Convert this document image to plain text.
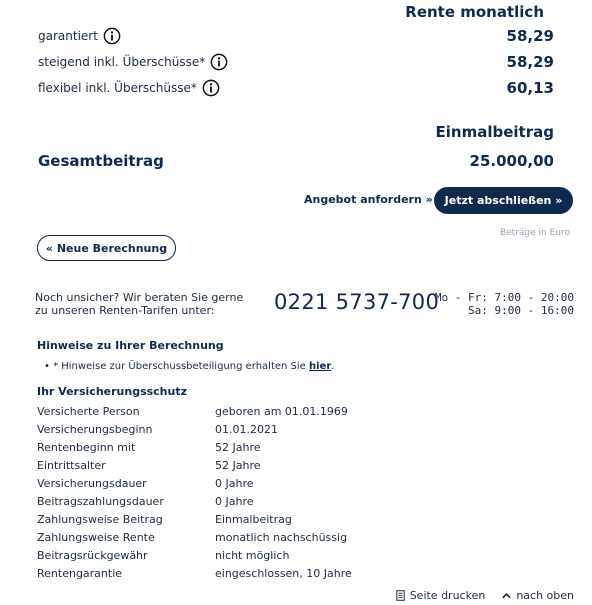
Rente monatlich
garantiert	58,29
steigend inkl. Überschüsse*	58,29
flexibel inkl. Überschüsse*	60,13
Einmalbeitrag
Gesamtbeitrag	25.000,00
Angebot anfordern »	Jetzt abschließen »
Beträge in Euro
« Neue Berechnung
Noch unsicher? Wir beraten Sie gerne
zu unseren Renten-Tarifen unter:	0221 5737-700
Mo - Fr: 7:00 - 20:00
Sa: 9:00 - 16:00
Hinweise zu Ihrer Berechnung
• * Hinweise zur Überschussbeteiligung erhalten Sie hier.
Ihr Versicherungsschutz
Versicherte Person	geboren am 01.01.1969
Versicherungsbeginn	01.01.2021
Rentenbeginn mit	52 Jahre
Eintrittsalter	52 Jahre
Versicherungsdauer	0 Jahre
Beitragszahlungsdauer	0 Jahre
Zahlungsweise Beitrag	Einmalbeitrag
Zahlungsweise Rente	monatlich nachschüssig
Beitragsrückgewähr	nicht möglich
Rentengarantie	eingeschlossen, 10 Jahre
Seite drucken	nach oben
